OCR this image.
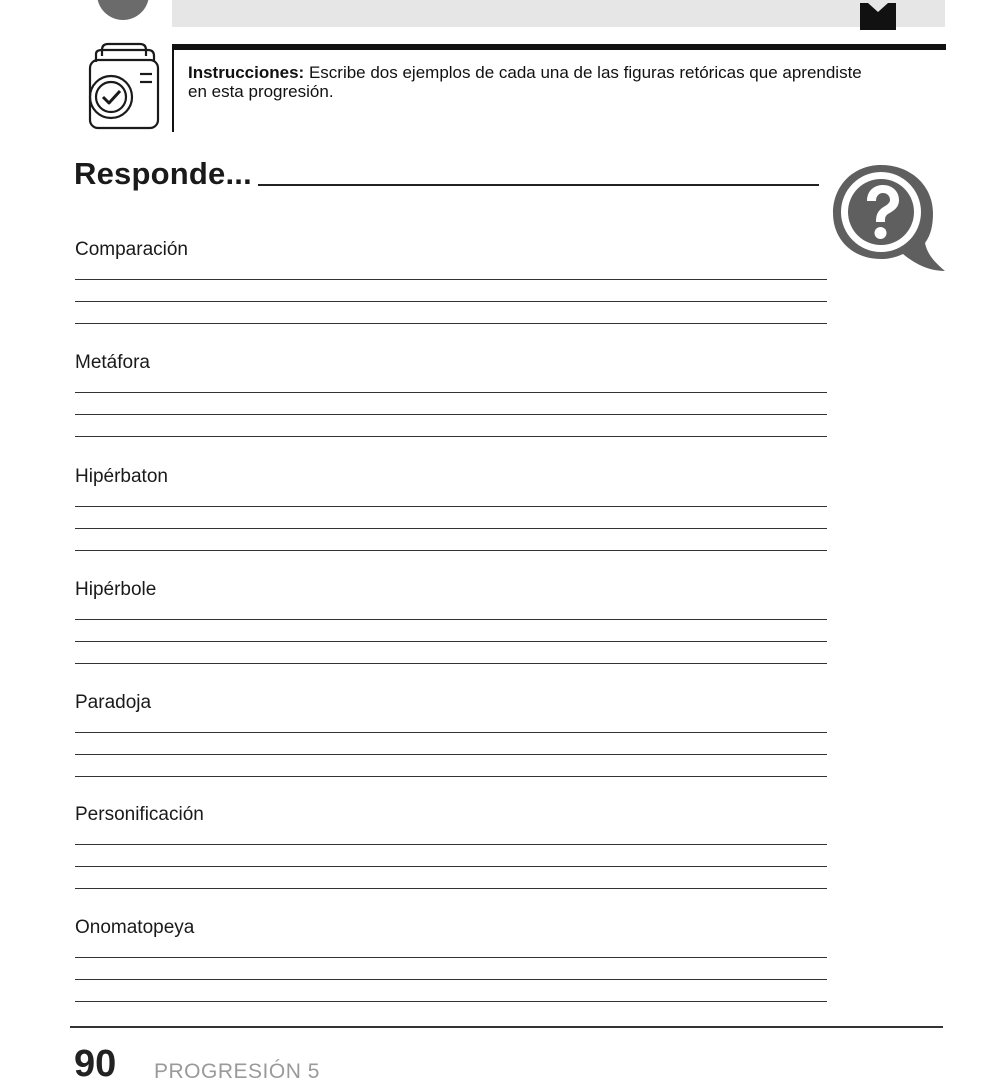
Instrucciones: Escribe dos ejemplos de cada una de las figuras retóricas que aprendiste
en esta progresión.
Responde...
Comparación
Metáfora
Hipérbaton
Hipérbole
Paradoja
Personificación
Onomatopeya
90 PROGRESIÓN 5
